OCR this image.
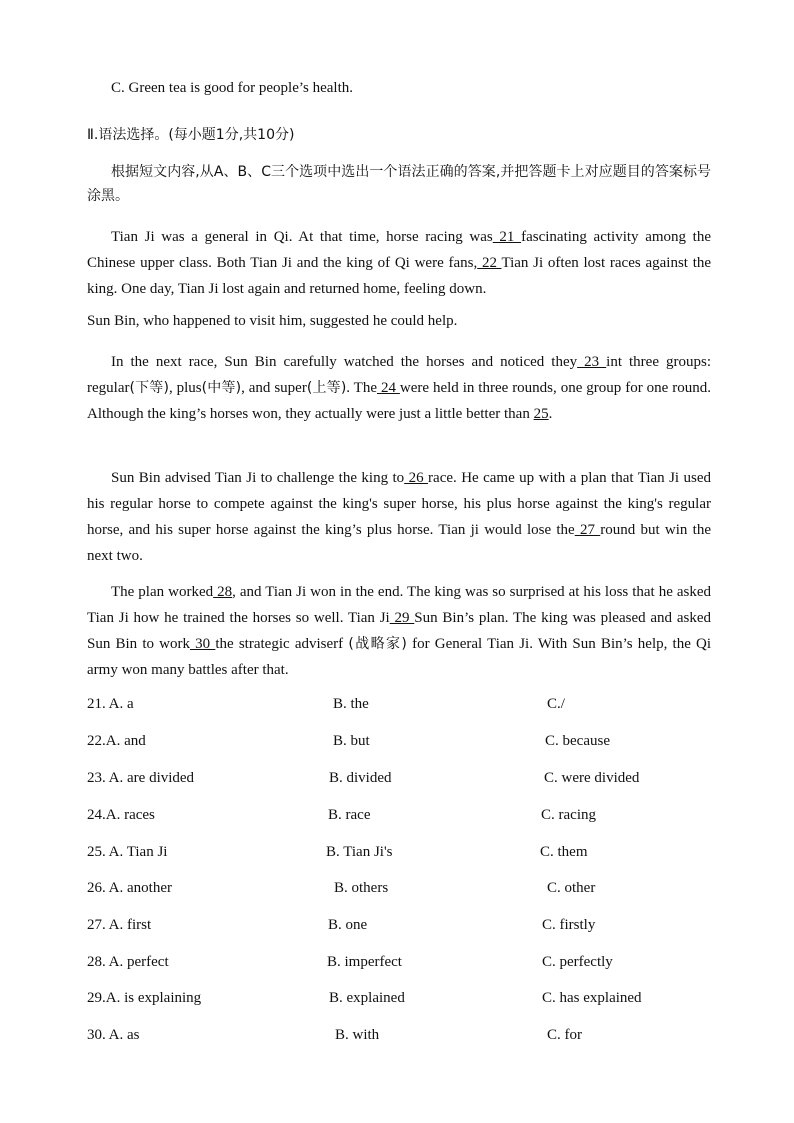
C. Green tea is good for people’s health.
Ⅱ.语法选择。(每小题1分,共10分)
根据短文内容,从A、B、C三个选项中选出一个语法正确的答案,并把答题卡上对应题目的答案标号涂黑。

Tian Ji was a general in Qi. At that time, horse racing was 21 fascinating activity among the Chinese upper class. Both Tian Ji and the king of Qi were fans, 22 Tian Ji often lost races against the king. One day, Tian Ji lost again and returned home, feeling down.

Sun Bin, who happened to visit him, suggested he could help.

In the next race, Sun Bin carefully watched the horses and noticed they 23 int three groups: regular(下等), plus(中等), and super(上等). The 24 were held in three rounds, one group for one round. Although the king’s horses won, they actually were just a little better than 25.

Sun Bin advised Tian Ji to challenge the king to 26 race. He came up with a plan that Tian Ji used his regular horse to compete against the king's super horse, his plus horse against the king's regular horse, and his super horse against the king’s plus horse. Tian ji would lose the 27 round but win the next two.

The plan worked 28, and Tian Ji won in the end. The king was so surprised at his loss that he asked Tian Ji how he trained the horses so well. Tian Ji 29 Sun Bin’s plan. The king was pleased and asked Sun Bin to work 30 the strategic adviserf (战略家) for General Tian Ji. With Sun Bin’s help, the Qi army won many battles after that.

21. A. a	B. the	C./
22.A. and	B. but	C. because
23. A. are divided	B. divided	C. were divided
24.A. races	B. race	C. racing
25. A. Tian Ji	B. Tian Ji's	C. them
26. A. another	B. others	C. other
27. A. first	B. one	C. firstly
28. A. perfect	B. imperfect	C. perfectly
29.A. is explaining	B. explained	C. has explained
30. A. as	B. with	C. for
